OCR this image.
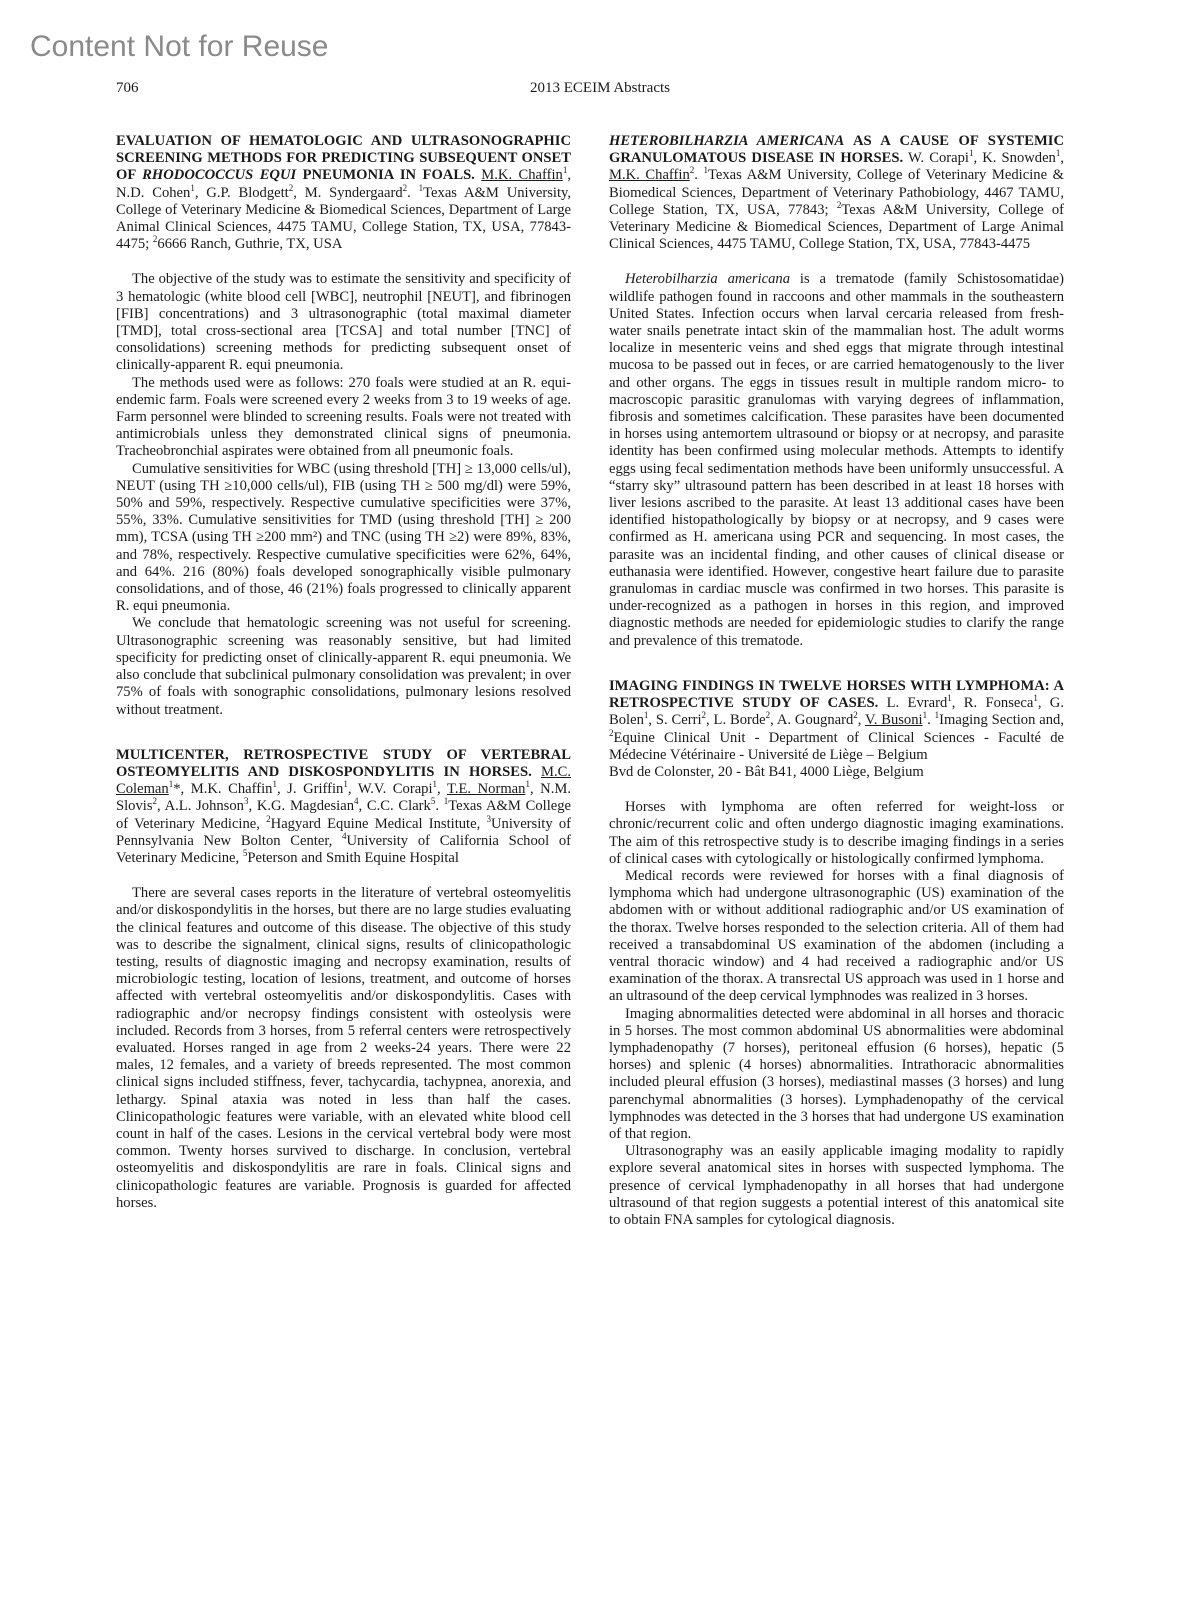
Content Not for Reuse
706	2013 ECEIM Abstracts
EVALUATION OF HEMATOLOGIC AND ULTRASONOGRAPHIC SCREENING METHODS FOR PREDICTING SUBSEQUENT ONSET OF RHODOCOCCUS EQUI PNEUMONIA IN FOALS. M.K. Chaffin$^1$, N.D. Cohen$^1$, G.P. Blodgett$^2$, M. Syndergaard$^2$. $^1$Texas A&M University, College of Veterinary Medicine & Biomedical Sciences, Department of Large Animal Clinical Sciences, 4475 TAMU, College Station, TX, USA, 77843-4475; $^2$6666 Ranch, Guthrie, TX, USA

The objective of the study was to estimate the sensitivity and specificity of 3 hematologic (white blood cell [WBC], neutrophil [NEUT], and fibrinogen [FIB] concentrations) and 3 ultrasonographic (total maximal diameter [TMD], total cross-sectional area [TCSA] and total number [TNC] of consolidations) screening methods for predicting subsequent onset of clinically-apparent R. equi pneumonia.

The methods used were as follows: 270 foals were studied at an R. equi-endemic farm. Foals were screened every 2 weeks from 3 to 19 weeks of age. Farm personnel were blinded to screening results. Foals were not treated with antimicrobials unless they demonstrated clinical signs of pneumonia. Tracheobronchial aspirates were obtained from all pneumonic foals.

Cumulative sensitivities for WBC (using threshold [TH] ≥ 13,000 cells/ul), NEUT (using TH ≥10,000 cells/ul), FIB (using TH ≥ 500 mg/dl) were 59%, 50% and 59%, respectively. Respective cumulative specificities were 37%, 55%, 33%. Cumulative sensitivities for TMD (using threshold [TH] ≥ 200 mm), TCSA (using TH ≥200 mm²) and TNC (using TH ≥2) were 89%, 83%, and 78%, respectively. Respective cumulative specificities were 62%, 64%, and 64%. 216 (80%) foals developed sonographically visible pulmonary consolidations, and of those, 46 (21%) foals progressed to clinically apparent R. equi pneumonia.

We conclude that hematologic screening was not useful for screening. Ultrasonographic screening was reasonably sensitive, but had limited specificity for predicting onset of clinically-apparent R. equi pneumonia. We also conclude that subclinical pulmonary consolidation was prevalent; in over 75% of foals with sonographic consolidations, pulmonary lesions resolved without treatment.

MULTICENTER, RETROSPECTIVE STUDY OF VERTEBRAL OSTEOMYELITIS AND DISKOSPONDYLITIS IN HORSES. M.C. Coleman$^1$*, M.K. Chaffin$^1$, J. Griffin$^1$, W.V. Corapi$^1$, T.E. Norman$^1$, N.M. Slovis$^2$, A.L. Johnson$^3$, K.G. Magdesian$^4$, C.C. Clark$^5$. $^1$Texas A&M College of Veterinary Medicine, $^2$Hagyard Equine Medical Institute, $^3$University of Pennsylvania New Bolton Center, $^4$University of California School of Veterinary Medicine, $^5$Peterson and Smith Equine Hospital

There are several cases reports in the literature of vertebral osteomyelitis and/or diskospondylitis in the horses, but there are no large studies evaluating the clinical features and outcome of this disease. The objective of this study was to describe the signalment, clinical signs, results of clinicopathologic testing, results of diagnostic imaging and necropsy examination, results of microbiologic testing, location of lesions, treatment, and outcome of horses affected with vertebral osteomyelitis and/or diskospondylitis. Cases with radiographic and/or necropsy findings consistent with osteolysis were included. Records from 3 horses, from 5 referral centers were retrospectively evaluated. Horses ranged in age from 2 weeks-24 years. There were 22 males, 12 females, and a variety of breeds represented. The most common clinical signs included stiffness, fever, tachycardia, tachypnea, anorexia, and lethargy. Spinal ataxia was noted in less than half the cases. Clinicopathologic features were variable, with an elevated white blood cell count in half of the cases. Lesions in the cervical vertebral body were most common. Twenty horses survived to discharge. In conclusion, vertebral osteomyelitis and diskospondylitis are rare in foals. Clinical signs and clinicopathologic features are variable. Prognosis is guarded for affected horses.

HETEROBILHARZIA AMERICANA AS A CAUSE OF SYSTEMIC GRANULOMATOUS DISEASE IN HORSES. W. Corapi$^1$, K. Snowden$^1$, M.K. Chaffin$^2$. $^1$Texas A&M University, College of Veterinary Medicine & Biomedical Sciences, Department of Veterinary Pathobiology, 4467 TAMU, College Station, TX, USA, 77843; $^2$Texas A&M University, College of Veterinary Medicine & Biomedical Sciences, Department of Large Animal Clinical Sciences, 4475 TAMU, College Station, TX, USA, 77843-4475

Heterobilharzia americana is a trematode (family Schistosomatidae) wildlife pathogen found in raccoons and other mammals in the southeastern United States. Infection occurs when larval cercaria released from fresh-water snails penetrate intact skin of the mammalian host. The adult worms localize in mesenteric veins and shed eggs that migrate through intestinal mucosa to be passed out in feces, or are carried hematogenously to the liver and other organs. The eggs in tissues result in multiple random micro- to macroscopic parasitic granulomas with varying degrees of inflammation, fibrosis and sometimes calcification. These parasites have been documented in horses using antemortem ultrasound or biopsy or at necropsy, and parasite identity has been confirmed using molecular methods. Attempts to identify eggs using fecal sedimentation methods have been uniformly unsuccessful. A “starry sky” ultrasound pattern has been described in at least 18 horses with liver lesions ascribed to the parasite. At least 13 additional cases have been identified histopathologically by biopsy or at necropsy, and 9 cases were confirmed as H. americana using PCR and sequencing. In most cases, the parasite was an incidental finding, and other causes of clinical disease or euthanasia were identified. However, congestive heart failure due to parasite granulomas in cardiac muscle was confirmed in two horses. This parasite is under-recognized as a pathogen in horses in this region, and improved diagnostic methods are needed for epidemiologic studies to clarify the range and prevalence of this trematode.

IMAGING FINDINGS IN TWELVE HORSES WITH LYMPHOMA: A RETROSPECTIVE STUDY OF CASES. L. Evrard$^1$, R. Fonseca$^1$, G. Bolen$^1$, S. Cerri$^2$, L. Borde$^2$, A. Gougnard$^2$, V. Busoni$^1$. $^1$Imaging Section and, $^2$Equine Clinical Unit - Department of Clinical Sciences - Faculté de Médecine Vétérinaire - Université de Liège – Belgium
Bvd de Colonster, 20 - Bât B41, 4000 Liège, Belgium

Horses with lymphoma are often referred for weight-loss or chronic/recurrent colic and often undergo diagnostic imaging examinations. The aim of this retrospective study is to describe imaging findings in a series of clinical cases with cytologically or histologically confirmed lymphoma.

Medical records were reviewed for horses with a final diagnosis of lymphoma which had undergone ultrasonographic (US) examination of the abdomen with or without additional radiographic and/or US examination of the thorax. Twelve horses responded to the selection criteria. All of them had received a transabdominal US examination of the abdomen (including a ventral thoracic window) and 4 had received a radiographic and/or US examination of the thorax. A transrectal US approach was used in 1 horse and an ultrasound of the deep cervical lymphnodes was realized in 3 horses.

Imaging abnormalities detected were abdominal in all horses and thoracic in 5 horses. The most common abdominal US abnormalities were abdominal lymphadenopathy (7 horses), peritoneal effusion (6 horses), hepatic (5 horses) and splenic (4 horses) abnormalities. Intrathoracic abnormalities included pleural effusion (3 horses), mediastinal masses (3 horses) and lung parenchymal abnormalities (3 horses). Lymphadenopathy of the cervical lymphnodes was detected in the 3 horses that had undergone US examination of that region.

Ultrasonography was an easily applicable imaging modality to rapidly explore several anatomical sites in horses with suspected lymphoma. The presence of cervical lymphadenopathy in all horses that had undergone ultrasound of that region suggests a potential interest of this anatomical site to obtain FNA samples for cytological diagnosis.
